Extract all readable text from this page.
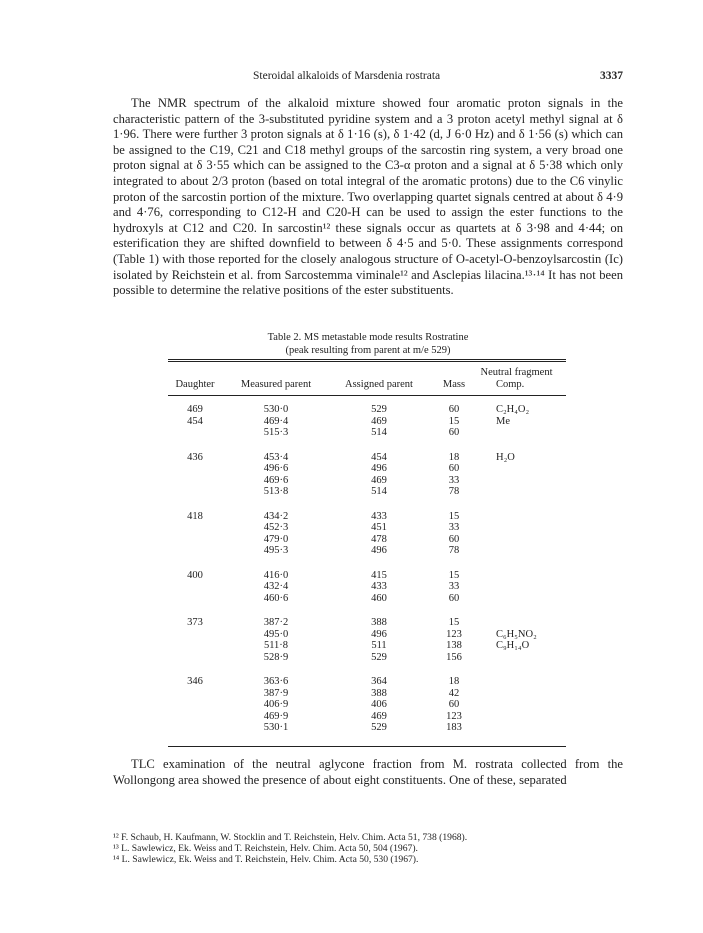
Steroidal alkaloids of Marsdenia rostrata	3337

The NMR spectrum of the alkaloid mixture showed four aromatic proton signals in the characteristic pattern of the 3-substituted pyridine system and a 3 proton acetyl methyl signal at δ 1·96. There were further 3 proton signals at δ 1·16 (s), δ 1·42 (d, J 6·0 Hz) and δ 1·56 (s) which can be assigned to the C19, C21 and C18 methyl groups of the sarcostin ring system, a very broad one proton signal at δ 3·55 which can be assigned to the C3-α proton and a signal at δ 5·38 which only integrated to about 2/3 proton (based on total integral of the aromatic protons) due to the C6 vinylic proton of the sarcostin portion of the mixture. Two overlapping quartet signals centred at about δ 4·9 and 4·76, corresponding to C12-H and C20-H can be used to assign the ester functions to the hydroxyls at C12 and C20. In sarcostin¹² these signals occur as quartets at δ 3·98 and 4·44; on esterification they are shifted downfield to between δ 4·5 and 5·0. These assignments correspond (Table 1) with those reported for the closely analogous structure of O-acetyl-O-benzoylsarcostin (Ic) isolated by Reichstein et al. from Sarcostemma viminale¹² and Asclepias lilacina.¹³·¹⁴ It has not been possible to determine the relative positions of the ester substituents.

Table 2. MS metastable mode results Rostratine
(peak resulting from parent at m/e 529)
			Neutral fragment	
Daughter	Measured parent	Assigned parent	Mass	Comp.
469	530·0	529	60	C₂H₄O₂
454	469·4	469	15	Me
	515·3	514	60	
436	453·4	454	18	H₂O
	496·6	496	60	
	469·6	469	33	
	513·8	514	78	
418	434·2	433	15	
	452·3	451	33	
	479·0	478	60	
	495·3	496	78	
400	416·0	415	15	
	432·4	433	33	
	460·6	460	60	
373	387·2	388	15	
	495·0	496	123	C₆H₅NO₂
	511·8	511	138	C₉H₁₄O
	528·9	529	156	
346	363·6	364	18	
	387·9	388	42	
	406·9	406	60	
	469·9	469	123	
	530·1	529	183	

TLC examination of the neutral aglycone fraction from M. rostrata collected from the Wollongong area showed the presence of about eight constituents. One of these, separated

¹² F. Schaub, H. Kaufmann, W. Stocklin and T. Reichstein, Helv. Chim. Acta 51, 738 (1968).
¹³ L. Sawlewicz, Ek. Weiss and T. Reichstein, Helv. Chim. Acta 50, 504 (1967).
¹⁴ L. Sawlewicz, Ek. Weiss and T. Reichstein, Helv. Chim. Acta 50, 530 (1967).
